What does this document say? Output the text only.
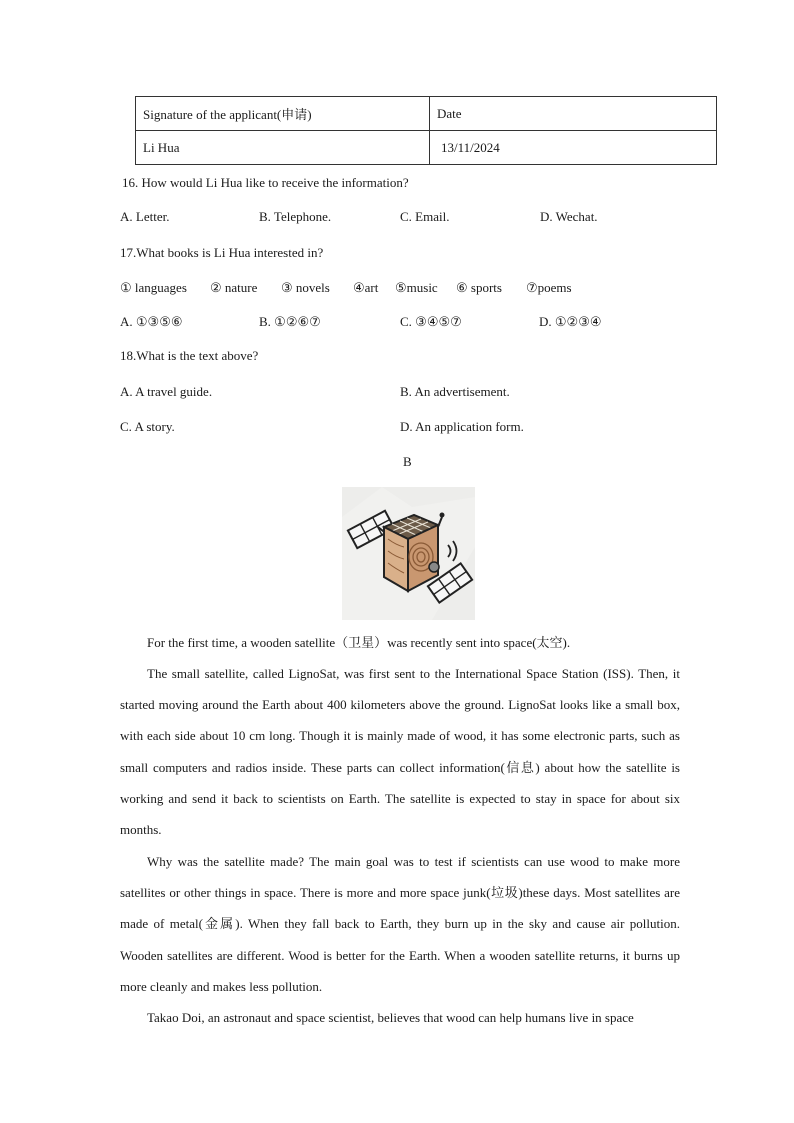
Signature of the applicant(申请)	Date
Li Hua	13/11/2024
16. How would Li Hua like to receive the information?
A. Letter.	B. Telephone.	C. Email.	D. Wechat.
17.What books is Li Hua interested in?
① languages ② nature ③ novels ④art ⑤music ⑥ sports ⑦poems
A. ①③⑤⑥	B. ①②⑥⑦	C. ③④⑤⑦	D. ①②③④
18.What is the text above?
A. A travel guide.	B. An advertisement.
C. A story.	D. An application form.
B

For the first time, a wooden satellite（卫星）was recently sent into space(太空).

The small satellite, called LignoSat, was first sent to the International Space Station (ISS). Then, it started moving around the Earth about 400 kilometers above the ground. LignoSat looks like a small box, with each side about 10 cm long. Though it is mainly made of wood, it has some electronic parts, such as small computers and radios inside. These parts can collect information(信息) about how the satellite is working and send it back to scientists on Earth. The satellite is expected to stay in space for about six months.

Why was the satellite made? The main goal was to test if scientists can use wood to make more satellites or other things in space. There is more and more space junk(垃圾)these days. Most satellites are made of metal(金属). When they fall back to Earth, they burn up in the sky and cause air pollution. Wooden satellites are different. Wood is better for the Earth. When a wooden satellite returns, it burns up more cleanly and makes less pollution.

Takao Doi, an astronaut and space scientist, believes that wood can help humans live in space
